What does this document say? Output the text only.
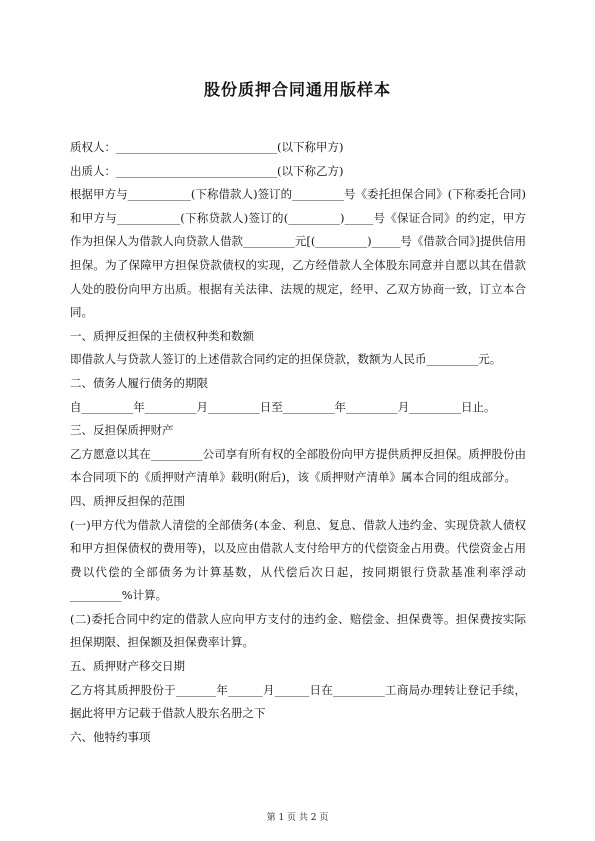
股份质押合同通用版样本

质权人：____________________________(以下称甲方)

出质人：____________________________(以下称乙方)

根据甲方与___________(下称借款人)签订的_________号《委托担保合同》(下称委托合同)和甲方与___________(下称贷款人)签订的(_________)_____号《保证合同》的约定，甲方作为担保人为借款人向贷款人借款_________元[(_________)_____号《借款合同》]提供信用担保。为了保障甲方担保贷款债权的实现，乙方经借款人全体股东同意并自愿以其在借款人处的股份向甲方出质。根据有关法律、法规的规定，经甲、乙双方协商一致，订立本合同。

一、质押反担保的主债权种类和数额

即借款人与贷款人签订的上述借款合同约定的担保贷款，数额为人民币_________元。

二、债务人履行债务的期限

自_________年_________月_________日至_________年_________月_________日止。

三、反担保质押财产

乙方愿意以其在_________公司享有所有权的全部股份向甲方提供质押反担保。质押股份由本合同项下的《质押财产清单》载明(附后)，该《质押财产清单》属本合同的组成部分。

四、质押反担保的范围

(一)甲方代为借款人清偿的全部债务(本金、利息、复息、借款人违约金、实现贷款人债权和甲方担保债权的费用等)，以及应由借款人支付给甲方的代偿资金占用费。代偿资金占用费以代偿的全部债务为计算基数，从代偿后次日起，按同期银行贷款基准利率浮动_________%计算。

(二)委托合同中约定的借款人应向甲方支付的违约金、赔偿金、担保费等。担保费按实际担保期限、担保额及担保费率计算。

五、质押财产移交日期

乙方将其质押股份于_______年______月______日在_________工商局办理转让登记手续，据此将甲方记载于借款人股东名册之下

六、他特约事项

第 1 页 共 2 页
